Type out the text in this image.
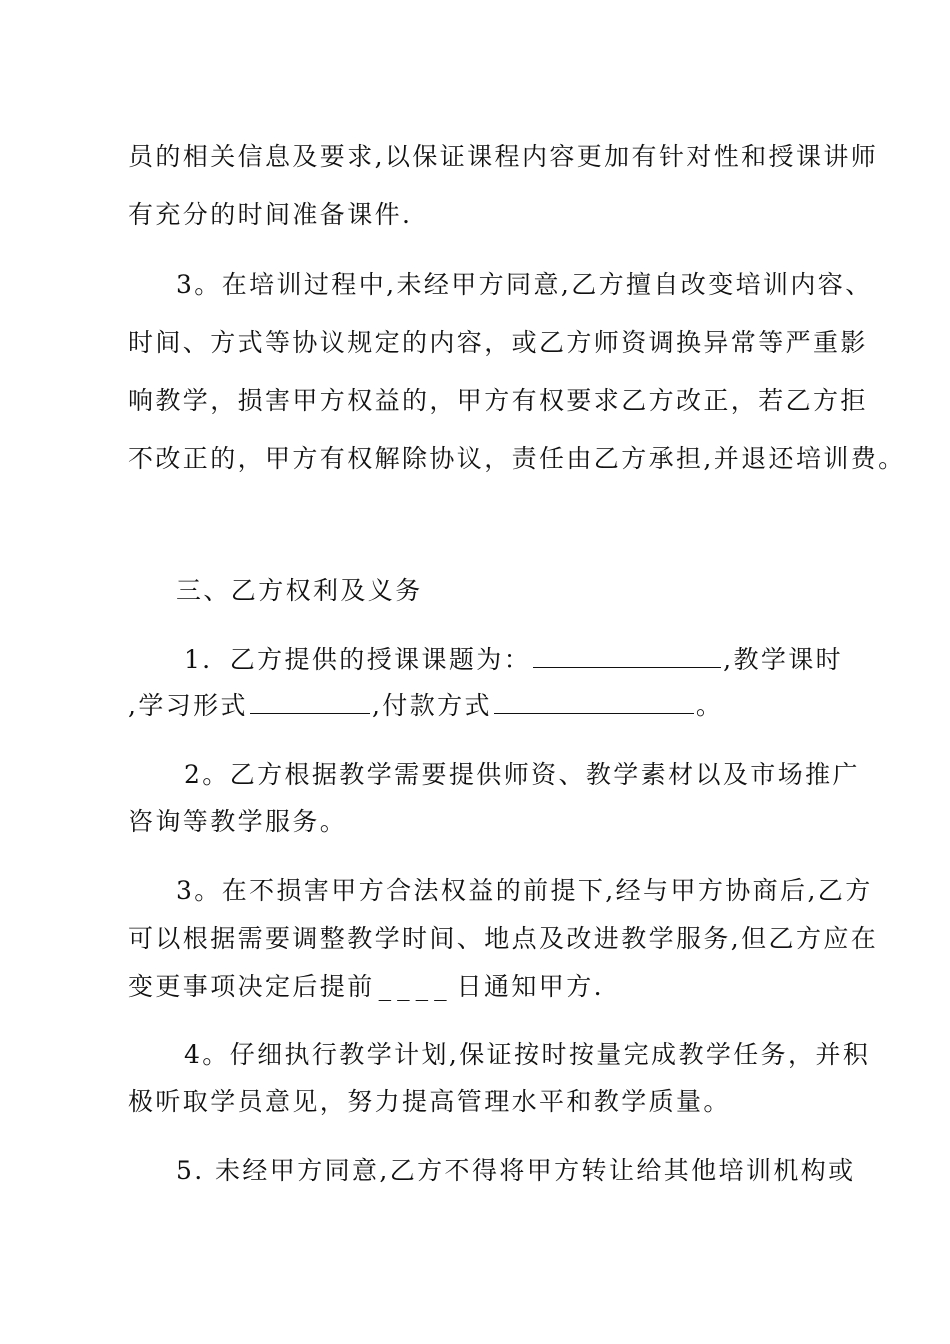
员的相关信息及要求,以保证课程内容更加有针对性和授课讲师
有充分的时间准备课件.
3。在培训过程中,未经甲方同意,乙方擅自改变培训内容、
时间、方式等协议规定的内容，或乙方师资调换异常等严重影
响教学，损害甲方权益的，甲方有权要求乙方改正，若乙方拒
不改正的，甲方有权解除协议，责任由乙方承担,并退还培训费。
三、乙方权利及义务
1．乙方提供的授课课题为：	,教学课时
,学习形式	,付款方式	。
2。乙方根据教学需要提供师资、教学素材以及市场推广
咨询等教学服务。
3。在不损害甲方合法权益的前提下,经与甲方协商后,乙方
可以根据需要调整教学时间、地点及改进教学服务,但乙方应在
变更事项决定后提前 ____ 日通知甲方.
4。仔细执行教学计划,保证按时按量完成教学任务，并积
极听取学员意见，努力提高管理水平和教学质量。
5. 未经甲方同意,乙方不得将甲方转让给其他培训机构或
